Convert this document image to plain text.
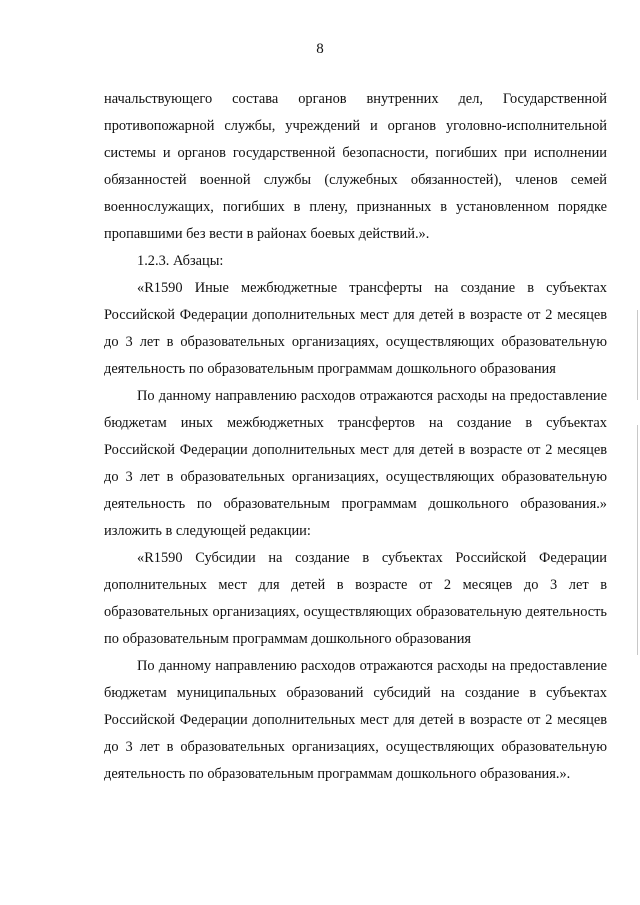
8

начальствующего состава органов внутренних дел, Государственной противопожарной службы, учреждений и органов уголовно-исполнительной системы и органов государственной безопасности, погибших при исполнении обязанностей военной службы (служебных обязанностей), членов семей военнослужащих, погибших в плену, признанных в установленном порядке пропавшими без вести в районах боевых действий.».

1.2.3. Абзацы:

«R1590 Иные межбюджетные трансферты на создание в субъектах Российской Федерации дополнительных мест для детей в возрасте от 2 месяцев до 3 лет в образовательных организациях, осуществляющих образовательную деятельность по образовательным программам дошкольного образования

По данному направлению расходов отражаются расходы на предоставление бюджетам иных межбюджетных трансфертов на создание в субъектах Российской Федерации дополнительных мест для детей в возрасте от 2 месяцев до 3 лет в образовательных организациях, осуществляющих образовательную деятельность по образовательным программам дошкольного образования.» изложить в следующей редакции:

«R1590 Субсидии на создание в субъектах Российской Федерации дополнительных мест для детей в возрасте от 2 месяцев до 3 лет в образовательных организациях, осуществляющих образовательную деятельность по образовательным программам дошкольного образования

По данному направлению расходов отражаются расходы на предоставление бюджетам муниципальных образований субсидий на создание в субъектах Российской Федерации дополнительных мест для детей в возрасте от 2 месяцев до 3 лет в образовательных организациях, осуществляющих образовательную деятельность по образовательным программам дошкольного образования.».
